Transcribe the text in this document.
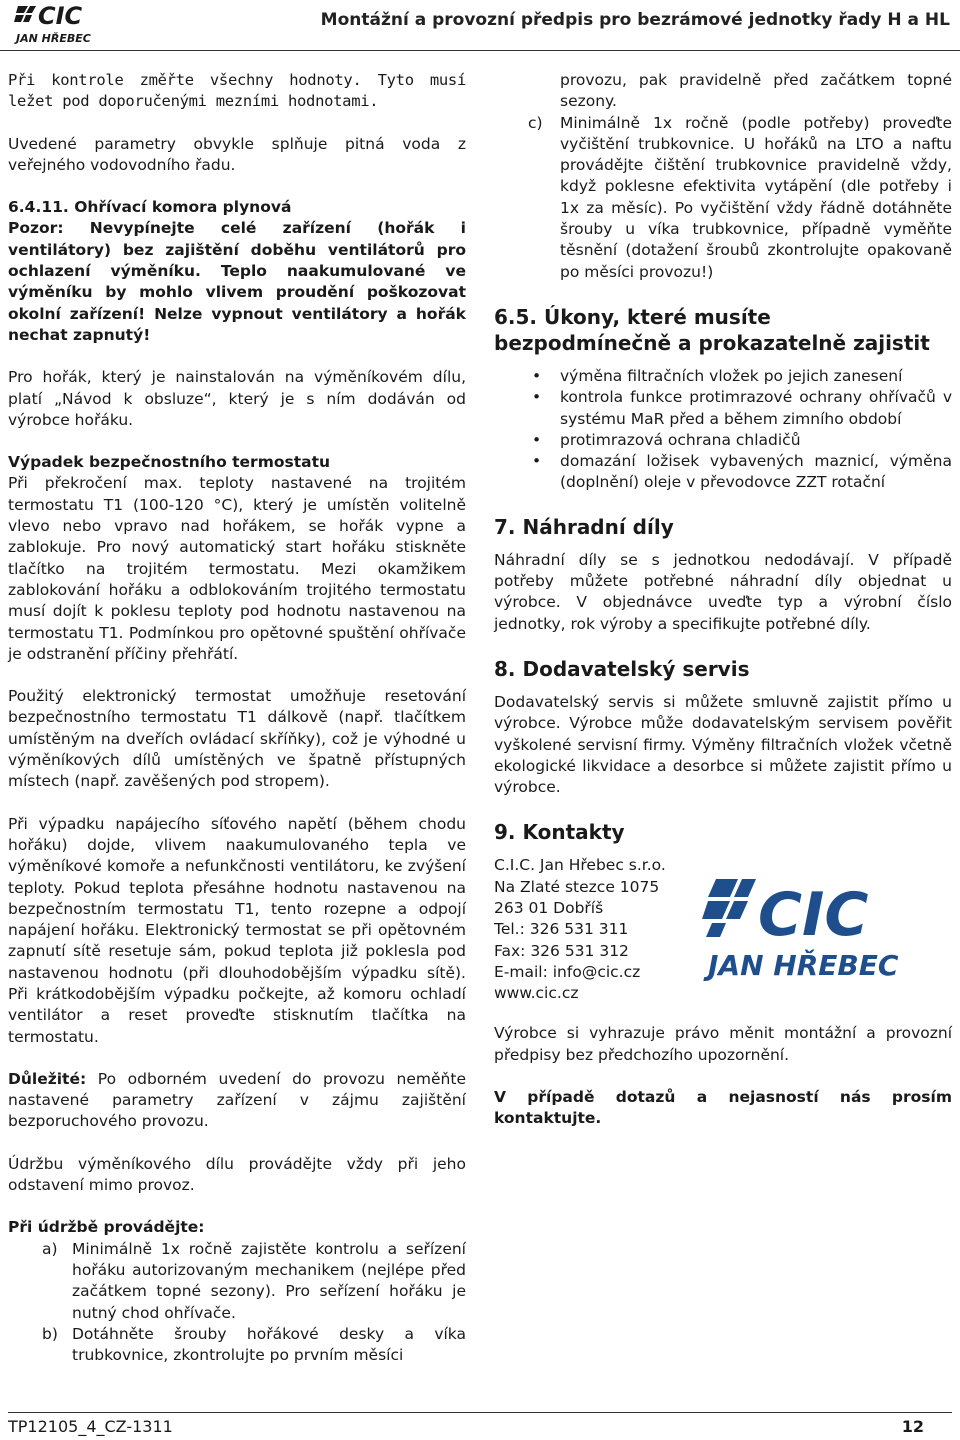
CIC
JAN HŘEBEC
Montážní a provozní předpis pro bezrámové jednotky řady H a HL

Při kontrole změřte všechny hodnoty. Tyto musí ležet pod doporučenými mezními hodnotami.

Uvedené parametry obvykle splňuje pitná voda z veřejného vodovodního řadu.

6.4.11. Ohřívací komora plynová

Pozor: Nevypínejte celé zařízení (hořák i ventilátory) bez zajištění doběhu ventilátorů pro ochlazení výměníku. Teplo naakumulované ve výměníku by mohlo vlivem proudění poškozovat okolní zařízení! Nelze vypnout ventilátory a hořák nechat zapnutý!

Pro hořák, který je nainstalován na výměníkovém dílu, platí „Návod k obsluze“, který je s ním dodáván od výrobce hořáku.

Výpadek bezpečnostního termostatu

Při překročení max. teploty nastavené na trojitém termostatu T1 (100-120 °C), který je umístěn volitelně vlevo nebo vpravo nad hořákem, se hořák vypne a zablokuje. Pro nový automatický start hořáku stiskněte tlačítko na trojitém termostatu. Mezi okamžikem zablokování hořáku a odblokováním trojitého termostatu musí dojít k poklesu teploty pod hodnotu nastavenou na termostatu T1. Podmínkou pro opětovné spuštění ohřívače je odstranění příčiny přehřátí.

Použitý elektronický termostat umožňuje resetování bezpečnostního termostatu T1 dálkově (např. tlačítkem umístěným na dveřích ovládací skříňky), což je výhodné u výměníkových dílů umístěných ve špatně přístupných místech (např. zavěšených pod stropem).

Při výpadku napájecího síťového napětí (během chodu hořáku) dojde, vlivem naakumulovaného tepla ve výměníkové komoře a nefunkčnosti ventilátoru, ke zvýšení teploty. Pokud teplota přesáhne hodnotu nastavenou na bezpečnostním termostatu T1, tento rozepne a odpojí napájení hořáku. Elektronický termostat se při opětovném zapnutí sítě resetuje sám, pokud teplota již poklesla pod nastavenou hodnotu (při dlouhodobějším výpadku sítě). Při krátkodobějším výpadku počkejte, až komoru ochladí ventilátor a reset proveďte stisknutím tlačítka na termostatu.

Důležité: Po odborném uvedení do provozu neměňte nastavené parametry zařízení v zájmu zajištění bezporuchového provozu.

Údržbu výměníkového dílu provádějte vždy při jeho odstavení mimo provoz.

Při údržbě provádějte:
a) Minimálně 1x ročně zajistěte kontrolu a seřízení hořáku autorizovaným mechanikem (nejlépe před začátkem topné sezony). Pro seřízení hořáku je nutný chod ohřívače.
b) Dotáhněte šrouby hořákové desky a víka trubkovnice, zkontrolujte po prvním měsíci
provozu, pak pravidelně před začátkem topné sezony.
c)	Minimálně 1x ročně (podle potřeby) proveďte vyčištění trubkovnice. U hořáků na LTO a naftu provádějte čištění trubkovnice pravidelně vždy, když poklesne efektivita vytápění (dle potřeby i 1x za měsíc). Po vyčištění vždy řádně dotáhněte šrouby u víka trubkovnice, případně vyměňte těsnění (dotažení šroubů zkontrolujte opakovaně po měsíci provozu!)
6.5. Úkony, které musíte bezpodmínečně a prokazatelně zajistit
•	výměna filtračních vložek po jejich zanesení
•	kontrola funkce protimrazové ochrany ohřívačů v systému MaR před a během zimního období
•	protimrazová ochrana chladičů
•	domazání ložisek vybavených maznicí, výměna (doplnění) oleje v převodovce ZZT rotační
7. Náhradní díly

Náhradní díly se s jednotkou nedodávají. V případě potřeby můžete potřebné náhradní díly objednat u výrobce. V objednávce uveďte typ a výrobní číslo jednotky, rok výroby a specifikujte potřebné díly.

8. Dodavatelský servis

Dodavatelský servis si můžete smluvně zajistit přímo u výrobce. Výrobce může dodavatelským servisem pověřit vyškolené servisní firmy. Výměny filtračních vložek včetně ekologické likvidace a desorbce si můžete zajistit přímo u výrobce.

9. Kontakty
C.I.C. Jan Hřebec s.r.o.
Na Zlaté stezce 1075
263 01 Dobříš
Tel.: 326 531 311
Fax: 326 531 312
E-mail: info@cic.cz
www.cic.cz
CIC
JAN HŘEBEC

Výrobce si vyhrazuje právo měnit montážní a provozní předpisy bez předchozího upozornění.

V případě dotazů a nejasností nás prosím kontaktujte.

TP12105_4_CZ-1311	12
